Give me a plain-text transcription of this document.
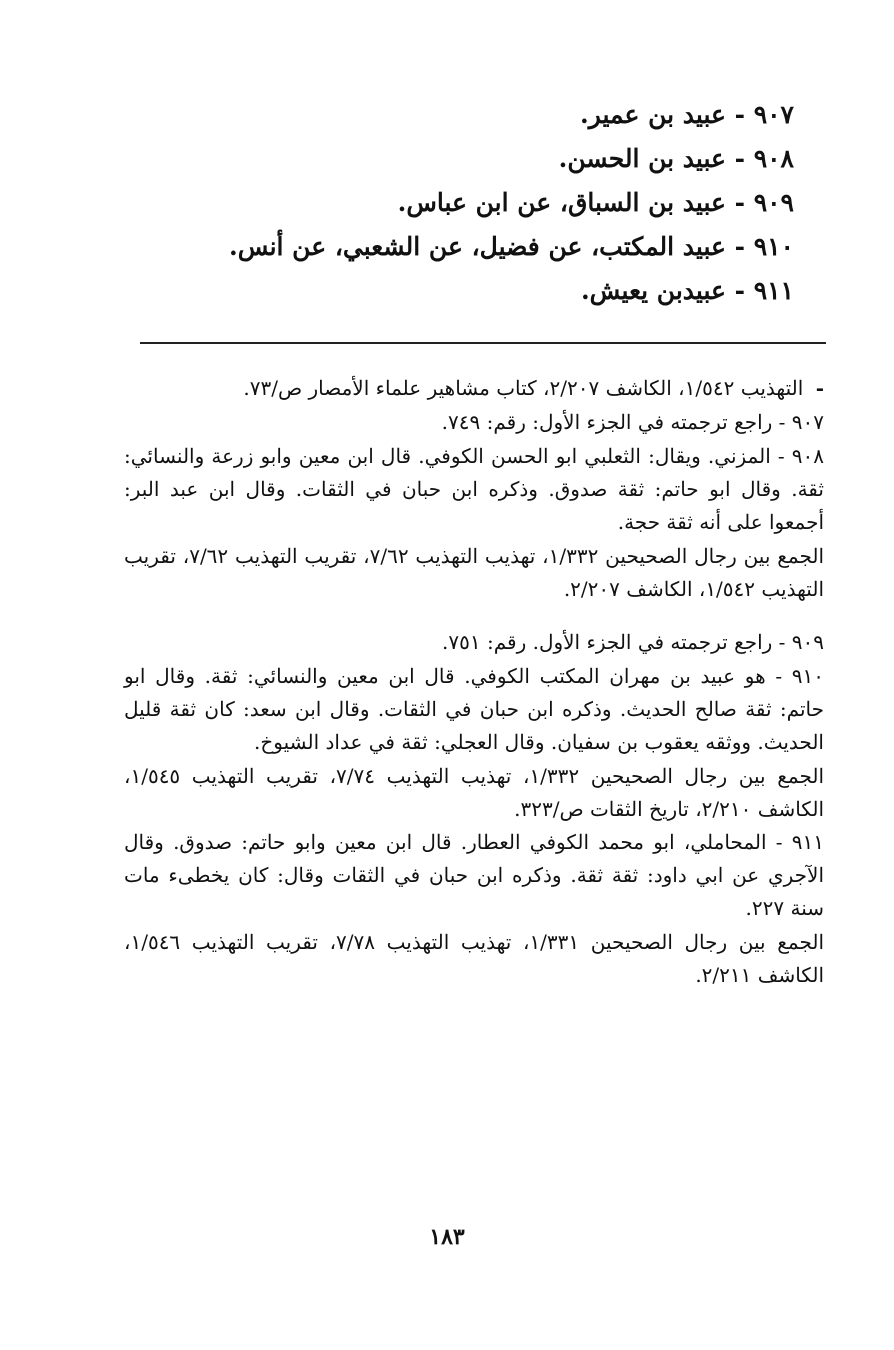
٩٠٧ - عبيد بن عمير.
٩٠٨ - عبيد بن الحسن.
٩٠٩ - عبيد بن السباق، عن ابن عباس.
٩١٠ - عبيد المكتب، عن فضيل، عن الشعبي، عن أنس.
٩١١ - عبيدبن يعيش.

- التهذيب ١/٥٤٢، الكاشف ٢/٢٠٧، كتاب مشاهير علماء الأمصار ص/٧٣.

٩٠٧ - راجع ترجمته في الجزء الأول: رقم: ٧٤٩.

٩٠٨ - المزني. ويقال: الثعلبي ابو الحسن الكوفي. قال ابن معين وابو زرعة والنسائي: ثقة. وقال ابو حاتم: ثقة صدوق. وذكره ابن حبان في الثقات. وقال ابن عبد البر: أجمعوا على أنه ثقة حجة.

الجمع بين رجال الصحيحين ١/٣٣٢، تهذيب التهذيب ٧/٦٢، تقريب التهذيب ٧/٦٢، تقريب التهذيب ١/٥٤٢، الكاشف ٢/٢٠٧.

٩٠٩ - راجع ترجمته في الجزء الأول. رقم: ٧٥١.

٩١٠ - هو عبيد بن مهران المكتب الكوفي. قال ابن معين والنسائي: ثقة. وقال ابو حاتم: ثقة صالح الحديث. وذكره ابن حبان في الثقات. وقال ابن سعد: كان ثقة قليل الحديث. ووثقه يعقوب بن سفيان. وقال العجلي: ثقة في عداد الشيوخ.

الجمع بين رجال الصحيحين ١/٣٣٢، تهذيب التهذيب ٧/٧٤، تقريب التهذيب ١/٥٤٥، الكاشف ٢/٢١٠، تاريخ الثقات ص/٣٢٣.

٩١١ - المحاملي، ابو محمد الكوفي العطار. قال ابن معين وابو حاتم: صدوق. وقال الآجري عن ابي داود: ثقة ثقة. وذكره ابن حبان في الثقات وقال: كان يخطىء مات سنة ٢٢٧.

الجمع بين رجال الصحيحين ١/٣٣١، تهذيب التهذيب ٧/٧٨، تقريب التهذيب ١/٥٤٦، الكاشف ٢/٢١١.

١٨٣
